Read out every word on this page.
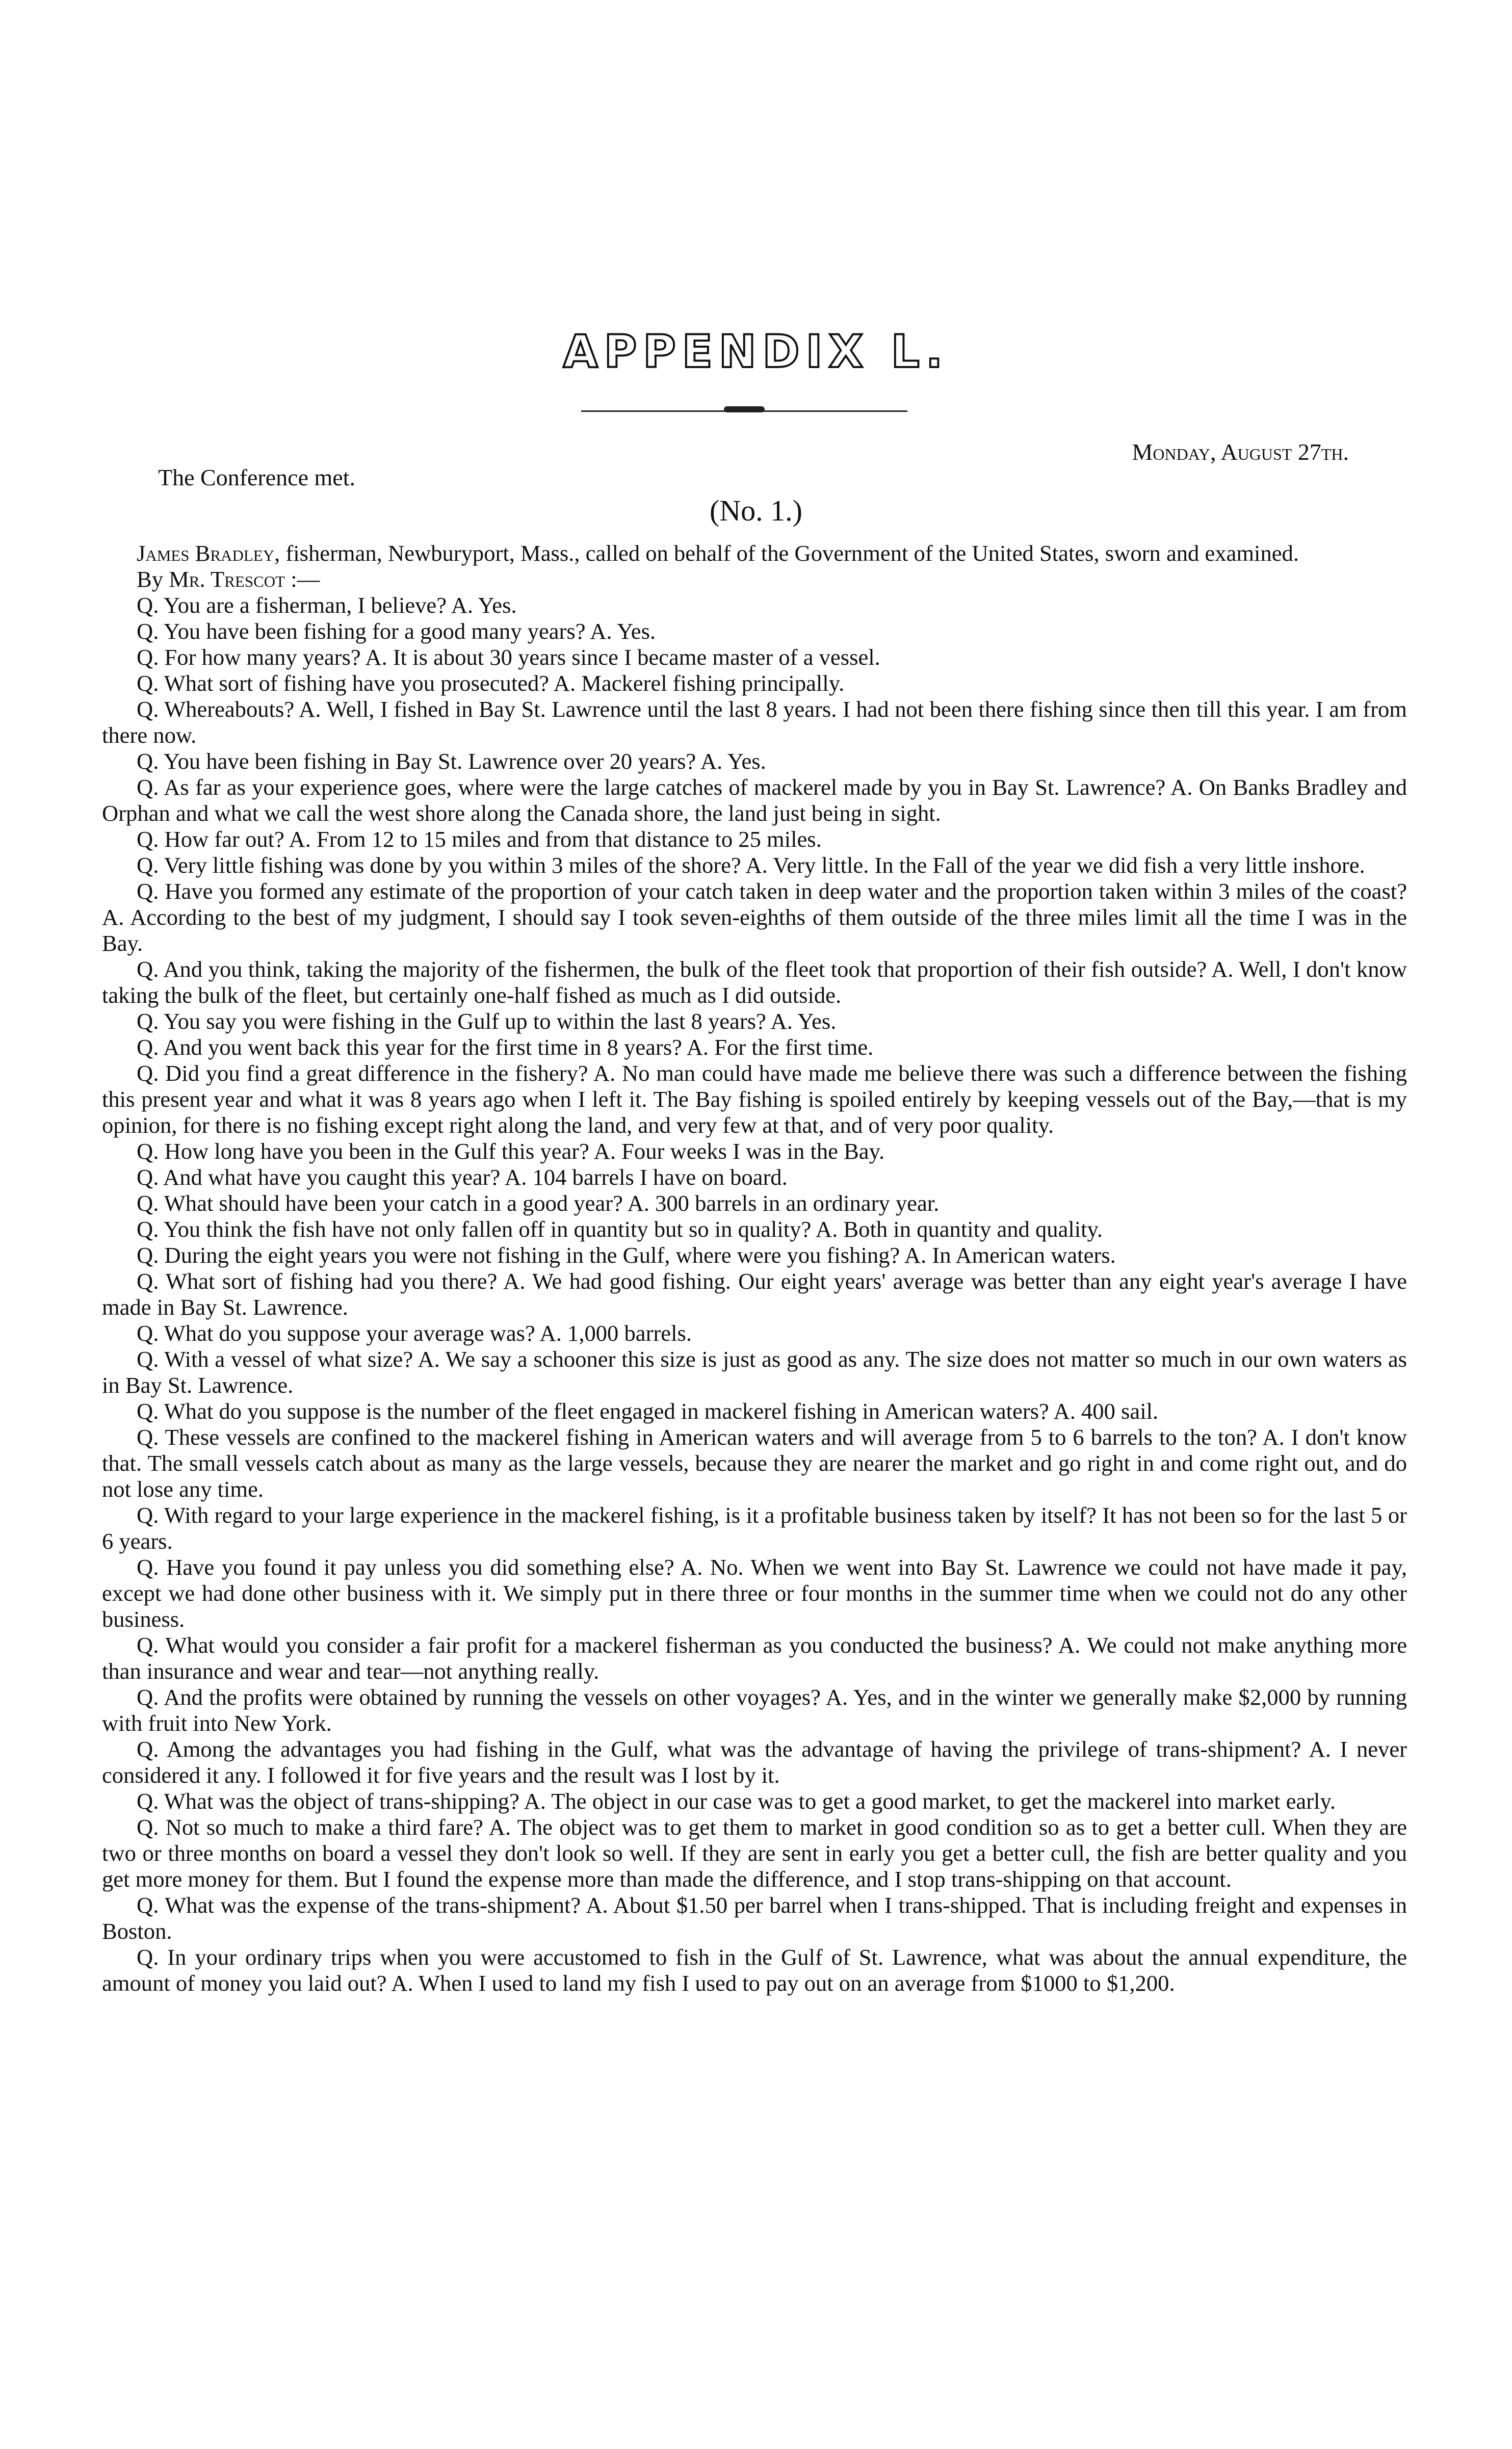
APPENDIX L.
Monday, August 27th.
The Conference met.
(No. 1.)

James Bradley, fisherman, Newburyport, Mass., called on behalf of the Government of the United States, sworn and examined.

By Mr. Trescot :—

Q. You are a fisherman, I believe? A. Yes.

Q. You have been fishing for a good many years? A. Yes.

Q. For how many years? A. It is about 30 years since I became master of a vessel.

Q. What sort of fishing have you prosecuted? A. Mackerel fishing principally.

Q. Whereabouts? A. Well, I fished in Bay St. Lawrence until the last 8 years. I had not been there fishing since then till this year. I am from there now.

Q. You have been fishing in Bay St. Lawrence over 20 years? A. Yes.

Q. As far as your experience goes, where were the large catches of mackerel made by you in Bay St. Lawrence? A. On Banks Bradley and Orphan and what we call the west shore along the Canada shore, the land just being in sight.

Q. How far out? A. From 12 to 15 miles and from that distance to 25 miles.

Q. Very little fishing was done by you within 3 miles of the shore? A. Very little. In the Fall of the year we did fish a very little inshore.

Q. Have you formed any estimate of the proportion of your catch taken in deep water and the proportion taken within 3 miles of the coast? A. According to the best of my judgment, I should say I took seven-eighths of them outside of the three miles limit all the time I was in the Bay.

Q. And you think, taking the majority of the fishermen, the bulk of the fleet took that proportion of their fish outside? A. Well, I don't know taking the bulk of the fleet, but certainly one-half fished as much as I did outside.

Q. You say you were fishing in the Gulf up to within the last 8 years? A. Yes.

Q. And you went back this year for the first time in 8 years? A. For the first time.

Q. Did you find a great difference in the fishery? A. No man could have made me believe there was such a difference between the fishing this present year and what it was 8 years ago when I left it. The Bay fishing is spoiled entirely by keeping vessels out of the Bay,—that is my opinion, for there is no fishing except right along the land, and very few at that, and of very poor quality.

Q. How long have you been in the Gulf this year? A. Four weeks I was in the Bay.

Q. And what have you caught this year? A. 104 barrels I have on board.

Q. What should have been your catch in a good year? A. 300 barrels in an ordinary year.

Q. You think the fish have not only fallen off in quantity but so in quality? A. Both in quantity and quality.

Q. During the eight years you were not fishing in the Gulf, where were you fishing? A. In American waters.

Q. What sort of fishing had you there? A. We had good fishing. Our eight years' average was better than any eight year's average I have made in Bay St. Lawrence.

Q. What do you suppose your average was? A. 1,000 barrels.

Q. With a vessel of what size? A. We say a schooner this size is just as good as any. The size does not matter so much in our own waters as in Bay St. Lawrence.

Q. What do you suppose is the number of the fleet engaged in mackerel fishing in American waters? A. 400 sail.

Q. These vessels are confined to the mackerel fishing in American waters and will average from 5 to 6 barrels to the ton? A. I don't know that. The small vessels catch about as many as the large vessels, because they are nearer the market and go right in and come right out, and do not lose any time.

Q. With regard to your large experience in the mackerel fishing, is it a profitable business taken by itself? It has not been so for the last 5 or 6 years.

Q. Have you found it pay unless you did something else? A. No. When we went into Bay St. Lawrence we could not have made it pay, except we had done other business with it. We simply put in there three or four months in the summer time when we could not do any other business.

Q. What would you consider a fair profit for a mackerel fisherman as you conducted the business? A. We could not make anything more than insurance and wear and tear—not anything really.

Q. And the profits were obtained by running the vessels on other voyages? A. Yes, and in the winter we generally make $2,000 by running with fruit into New York.

Q. Among the advantages you had fishing in the Gulf, what was the advantage of having the privilege of trans-shipment? A. I never considered it any. I followed it for five years and the result was I lost by it.

Q. What was the object of trans-shipping? A. The object in our case was to get a good market, to get the mackerel into market early.

Q. Not so much to make a third fare? A. The object was to get them to market in good condition so as to get a better cull. When they are two or three months on board a vessel they don't look so well. If they are sent in early you get a better cull, the fish are better quality and you get more money for them. But I found the expense more than made the difference, and I stop trans-shipping on that account.

Q. What was the expense of the trans-shipment? A. About $1.50 per barrel when I trans-shipped. That is including freight and expenses in Boston.

Q. In your ordinary trips when you were accustomed to fish in the Gulf of St. Lawrence, what was about the annual expenditure, the amount of money you laid out? A. When I used to land my fish I used to pay out on an average from $1000 to $1,200.
